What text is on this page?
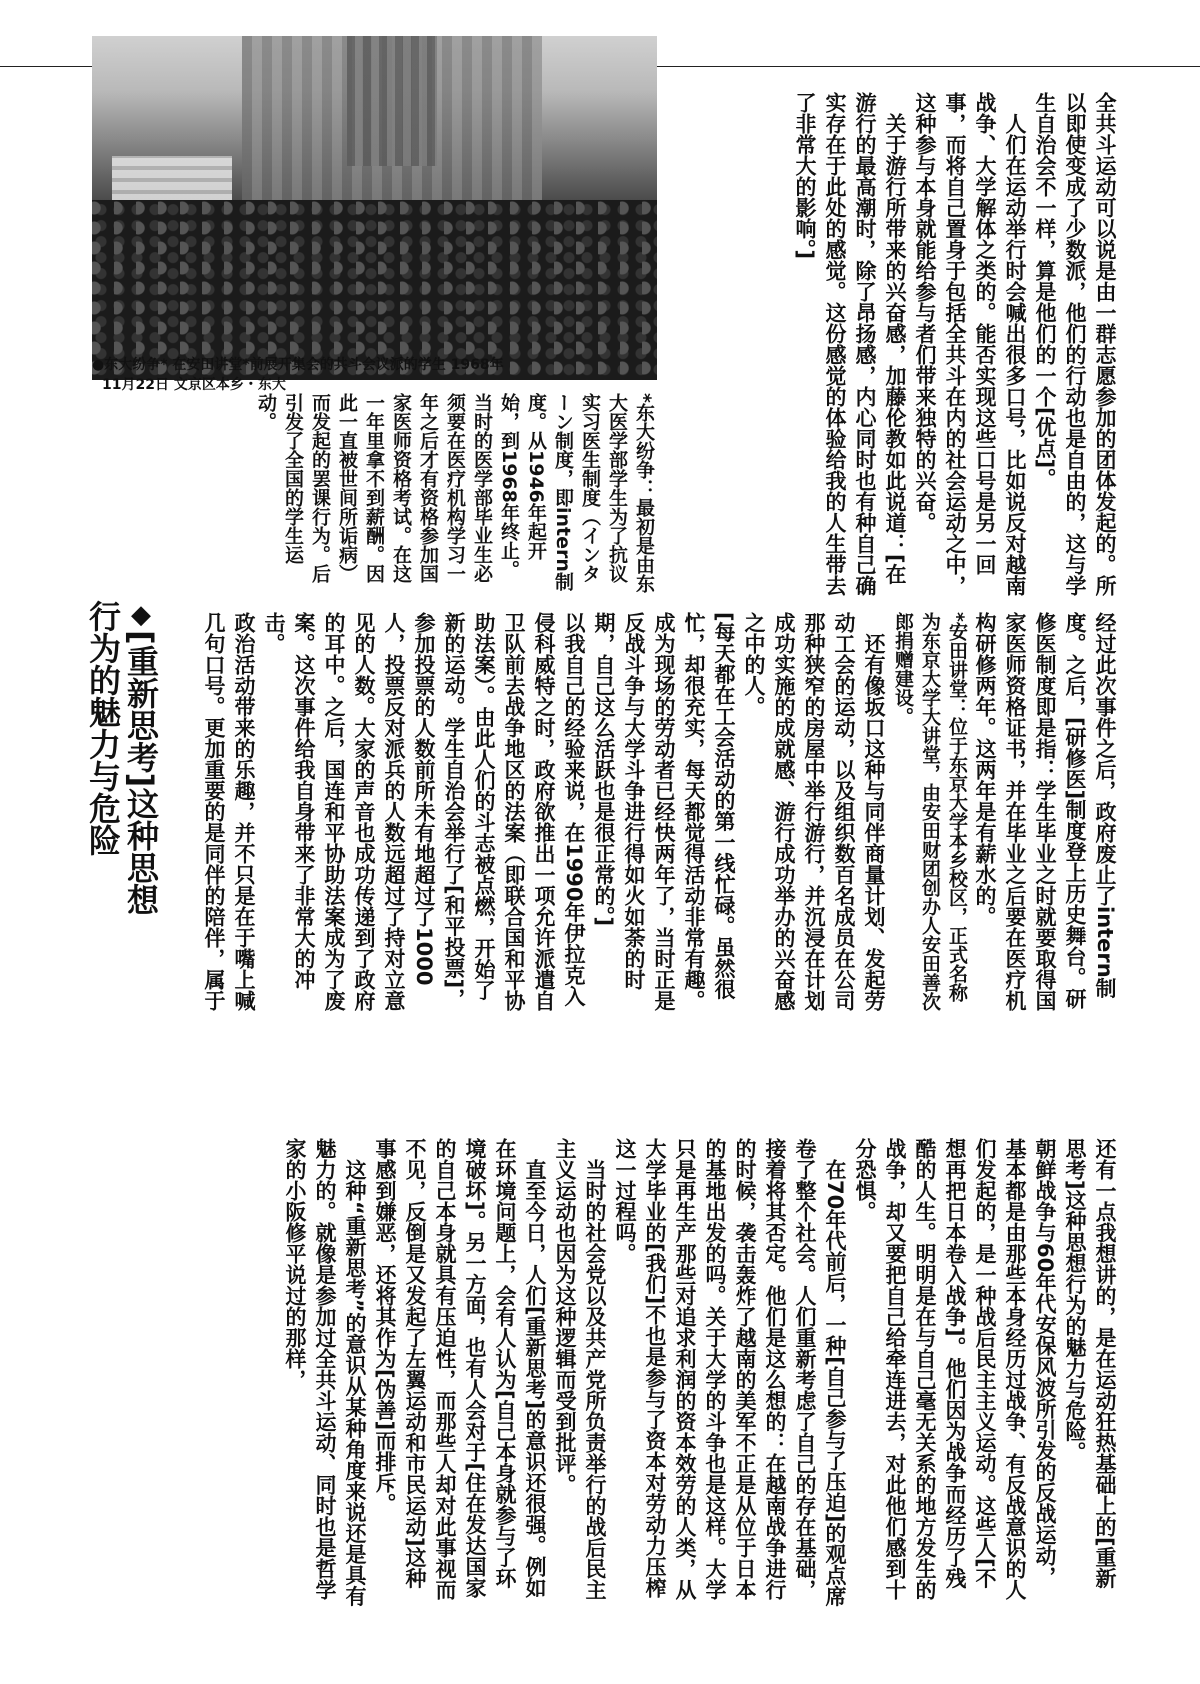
●东大纷争* 在安田讲堂*前展开集会的共斗会议派的学生 1968年
11月22日 文京区本乡・东大	全共斗运动可以说是由一群志愿参加的团体发起的。所以即使变成了少数派，他们的行动也是自由的，这与学生自治会不一样，算是他们的一个[优点]。

人们在运动举行时会喊出很多口号，比如说反对越南战争、大学解体之类的。能否实现这些口号是另一回事，而将自己置身于包括全共斗在内的社会运动之中，这种参与本身就能给参与者们带来独特的兴奋。

关于游行所带来的兴奋感，加藤伦教如此说道：[在游行的最高潮时，除了昂扬感，内心同时也有种自己确实存在于此处的感觉。这份感觉的体验给我的人生带去了非常大的影响。]

*东大纷争：最初是由东大医学部学生为了抗议实习医生制度（インターン制度，即intern制度。从1946年起开始，到1968年终止。当时的医学部毕业生必须要在医疗机构学习一年之后才有资格参加国家医师资格考试。在这一年里拿不到薪酬。因此一直被世间所诟病）而发起的罢课行为。后引发了全国的学生运动。

经过此次事件之后，政府废止了intern制度。之后，[研修医]制度登上历史舞台。研修医制度即是指：学生毕业之时就要取得国家医师资格证书，并在毕业之后要在医疗机构研修两年。这两年是有薪水的。

*安田讲堂：位于东京大学本乡校区，正式名称为东京大学大讲堂，由安田财团创办人安田善次郎捐赠建设。

还有像坂口这种与同伴商量计划、发起劳动工会的运动，以及组织数百名成员在公司那种狭窄的房屋中举行游行，并沉浸在计划成功实施的成就感、游行成功举办的兴奋感之中的人。

[每天都在工会活动的第一线忙碌。虽然很忙，却很充实，每天都觉得活动非常有趣。成为现场的劳动者已经快两年了，当时正是反战斗争与大学斗争进行得如火如荼的时期，自己这么活跃也是很正常的。]

以我自己的经验来说，在1990年伊拉克入侵科威特之时，政府欲推出一项允许派遣自卫队前去战争地区的法案（即联合国和平协助法案）。由此人们的斗志被点燃，开始了新的运动。学生自治会举行了[和平投票]，参加投票的人数前所未有地超过了1000人，投票反对派兵的人数远超过了持对立意见的人数。大家的声音也成功传递到了政府的耳中。之后，国连和平协助法案成为了废案。这次事件给我自身带来了非常大的冲击。

政治活动带来的乐趣，并不只是在于嘴上喊几句口号。更加重要的是同伴的陪伴，属于

◆[重新思考]这种思想
行为的魅力与危险

还有一点我想讲的，是在运动狂热基础上的[重新思考]这种思想行为的魅力与危险。

朝鲜战争与60年代安保风波所引发的反战运动，基本都是由那些本身经历过战争、有反战意识的人们发起的，是一种战后民主主义运动。这些人[不想再把日本卷入战争]。他们因为战争而经历了残酷的人生。明明是在与自己毫无关系的地方发生的战争，却又要把自己给牵连进去，对此他们感到十分恐惧。

在70年代前后，一种[自己参与了压迫]的观点席卷了整个社会。人们重新考虑了自己的存在基础，接着将其否定。他们是这么想的：在越南战争进行的时候，袭击轰炸了越南的美军不正是从位于日本的基地出发的吗。关于大学的斗争也是这样。大学只是再生产那些对追求利润的资本效劳的人类，从大学毕业的[我们]不也是参与了资本对劳动力压榨这一过程吗。

当时的社会党以及共产党所负责举行的战后民主主义运动也因为这种逻辑而受到批评。

直至今日，人们[重新思考]的意识还很强。例如在环境问题上，会有人认为[自己本身就参与了环境破坏]。另一方面，也有人会对于[住在发达国家的自己本身就具有压迫性，而那些人却对此事视而不见，反倒是又发起了左翼运动和市民运动]这种事感到嫌恶，还将其作为[伪善]而排斥。

这种“重新思考”的意识从某种角度来说还是具有魅力的。就像是参加过全共斗运动、同时也是哲学家的小阪修平说过的那样，
